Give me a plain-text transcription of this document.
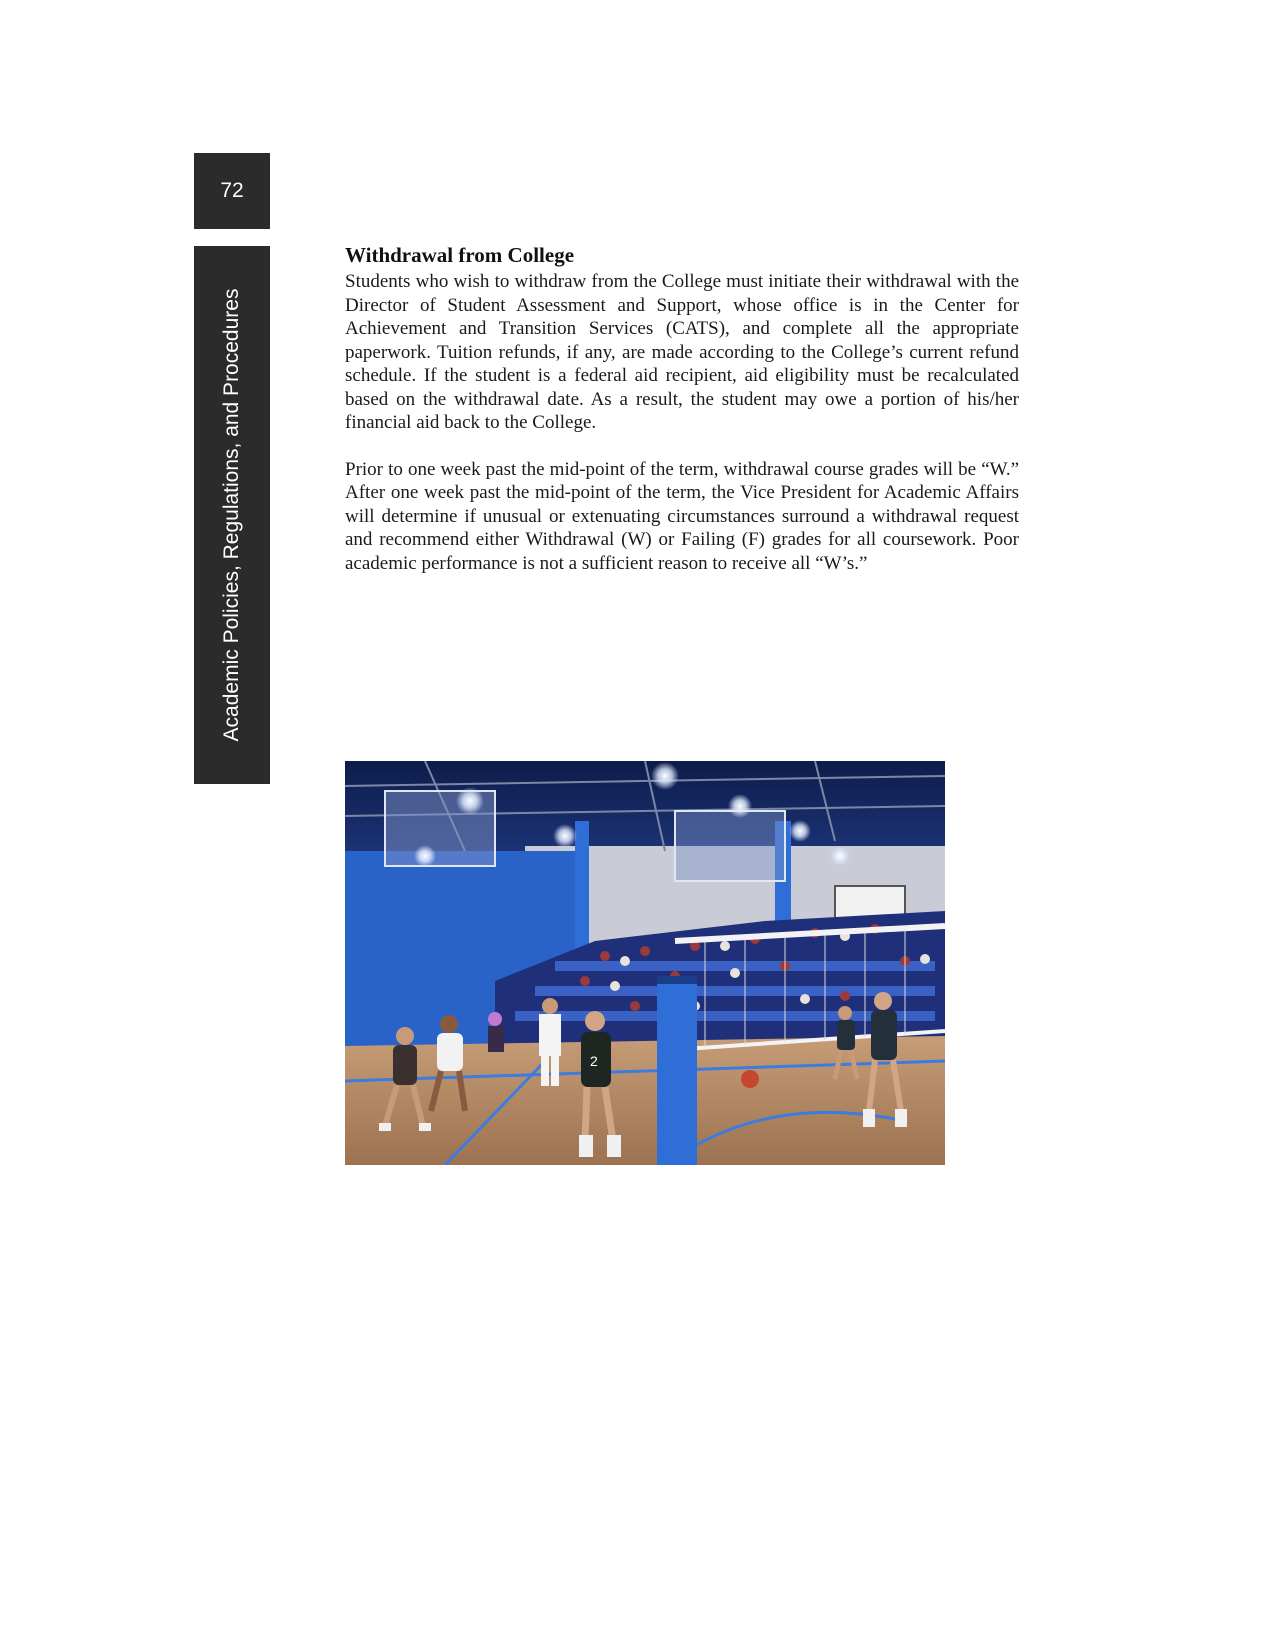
72
Academic Policies, Regulations, and Procedures
Withdrawal from College

Students who wish to withdraw from the College must initiate their withdrawal with the Director of Student Assessment and Support, whose office is in the Center for Achievement and Transition Services (CATS), and complete all the appropriate paperwork. Tuition refunds, if any, are made according to the College’s current refund schedule. If the student is a federal aid recipient, aid eligibility must be recalculated based on the withdrawal date. As a result, the student may owe a portion of his/her financial aid back to the College.

Prior to one week past the mid-point of the term, withdrawal course grades will be “W.” After one week past the mid-point of the term, the Vice President for Academic Affairs will determine if unusual or extenuating circumstances surround a withdrawal request and recommend either Withdrawal (W) or Failing (F) grades for all coursework. Poor academic performance is not a sufficient reason to receive all “W’s.”

2
